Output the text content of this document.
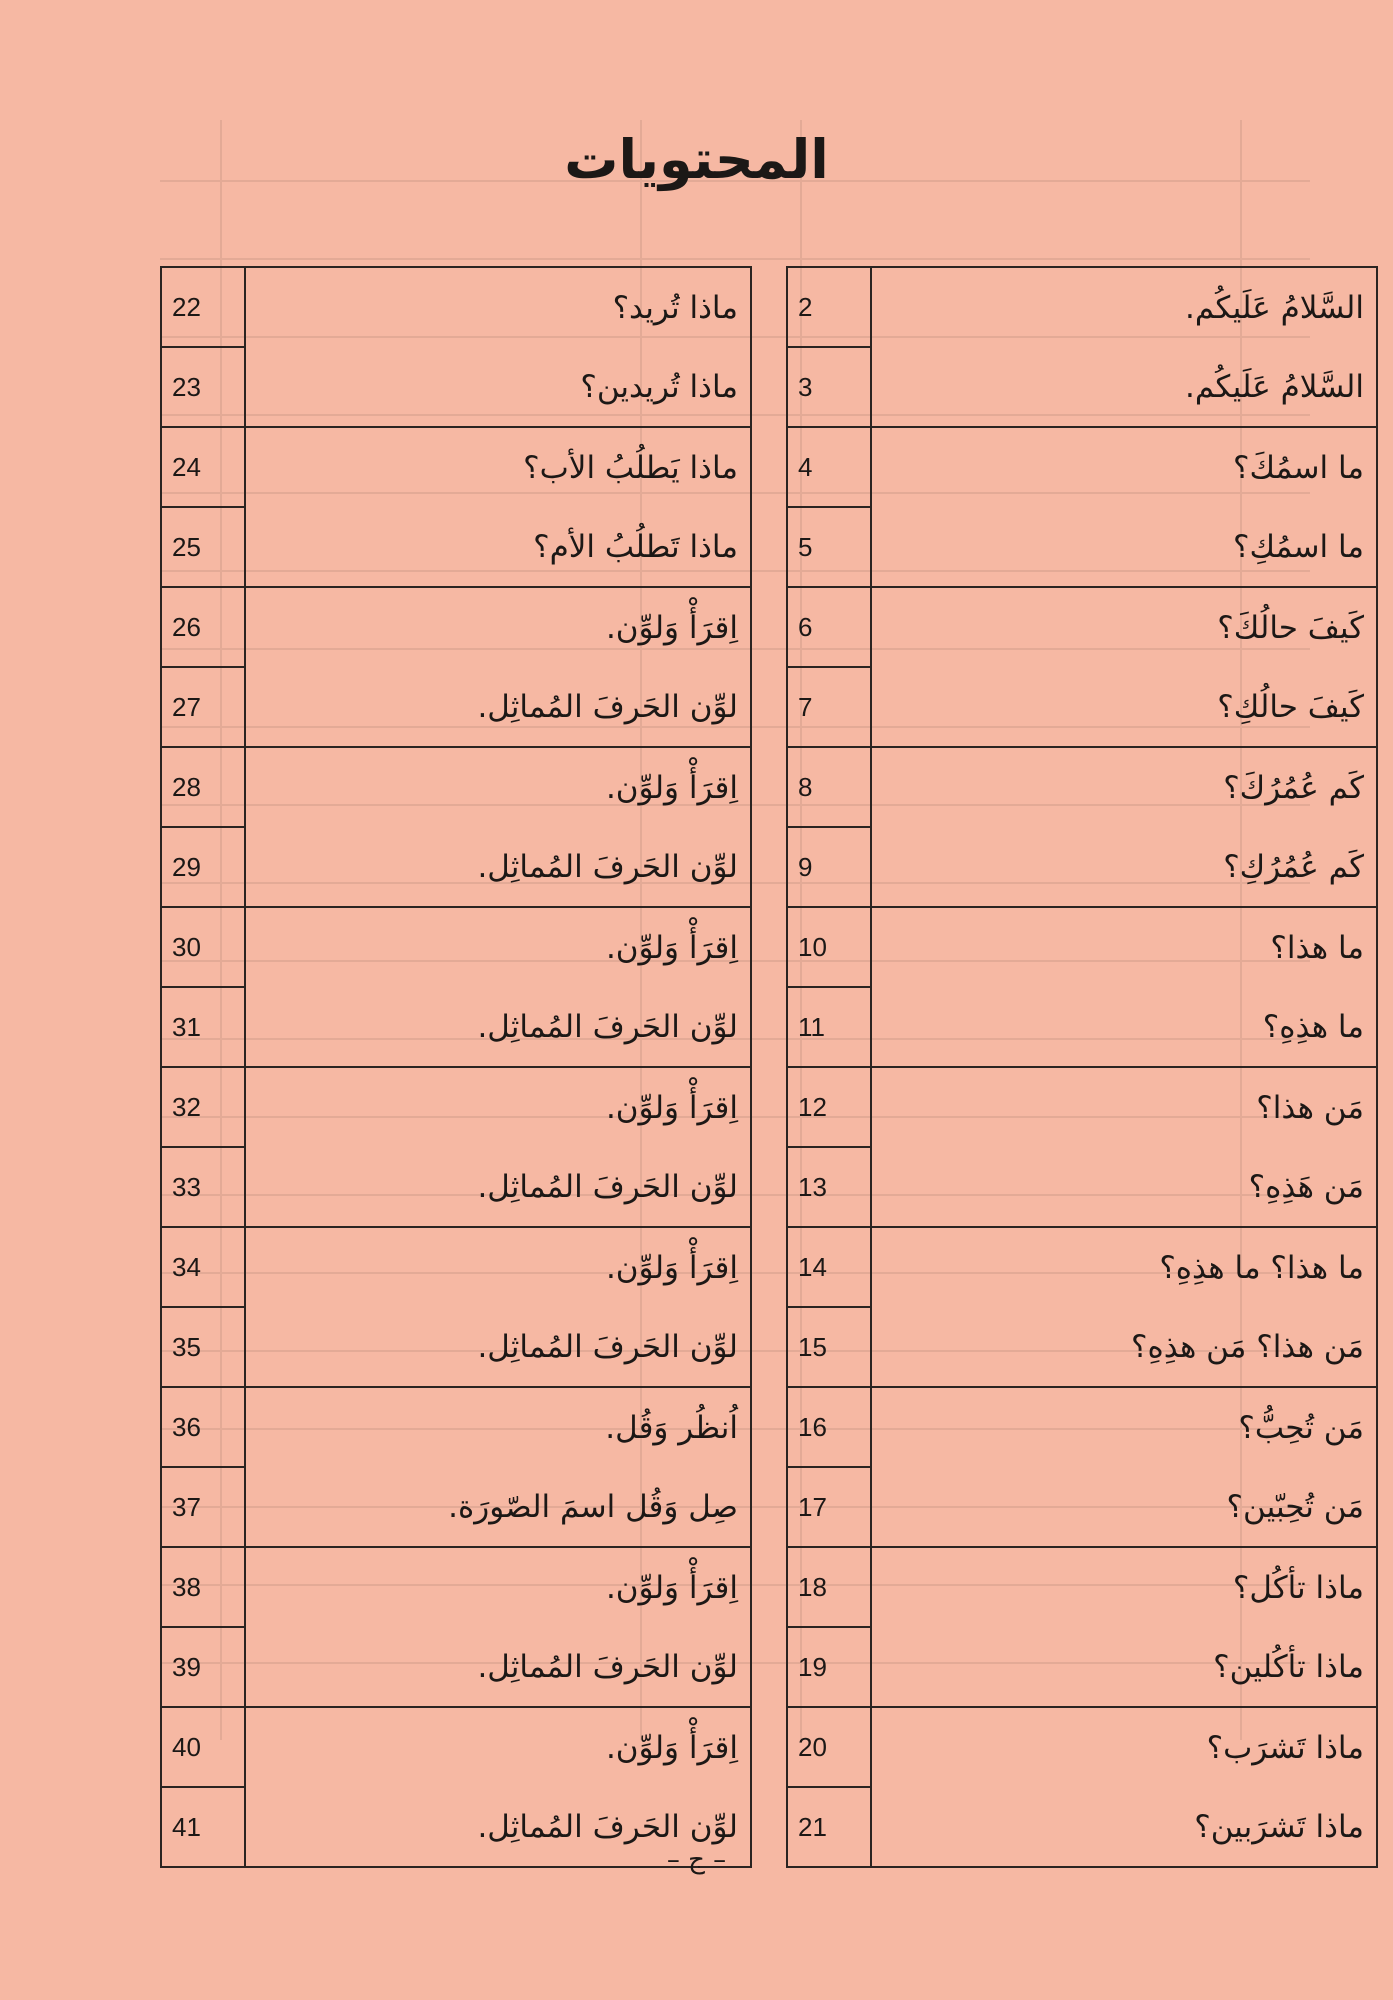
المحتويات
السَّلامُ عَلَيكُم.	2
السَّلامُ عَلَيكُم.	3
ما اسمُكَ؟	4
ما اسمُكِ؟	5
كَيفَ حالُكَ؟	6
كَيفَ حالُكِ؟	7
كَم عُمُرُكَ؟	8
كَم عُمُرُكِ؟	9
ما هذا؟	10
ما هذِهِ؟	11
مَن هذا؟	12
مَن هَذِهِ؟	13
ما هذا؟ ما هذِهِ؟	14
مَن هذا؟ مَن هذِهِ؟	15
مَن تُحِبُّ؟	16
مَن تُحِبّين؟	17
ماذا تأكُل؟	18
ماذا تأكُلين؟	19
ماذا تَشرَب؟	20
ماذا تَشرَبين؟	21
ماذا تُريد؟	22
ماذا تُريدين؟	23
ماذا يَطلُبُ الأب؟	24
ماذا تَطلُبُ الأم؟	25
اِقرَأْ وَلوِّن.	26
لوِّن الحَرفَ المُماثِل.	27
اِقرَأْ وَلوِّن.	28
لوِّن الحَرفَ المُماثِل.	29
اِقرَأْ وَلوِّن.	30
لوِّن الحَرفَ المُماثِل.	31
اِقرَأْ وَلوِّن.	32
لوِّن الحَرفَ المُماثِل.	33
اِقرَأْ وَلوِّن.	34
لوِّن الحَرفَ المُماثِل.	35
اُنظُر وَقُل.	36
صِل وَقُل اسمَ الصّورَة.	37
اِقرَأْ وَلوِّن.	38
لوِّن الحَرفَ المُماثِل.	39
اِقرَأْ وَلوِّن.	40
لوِّن الحَرفَ المُماثِل.	41
– ج –
